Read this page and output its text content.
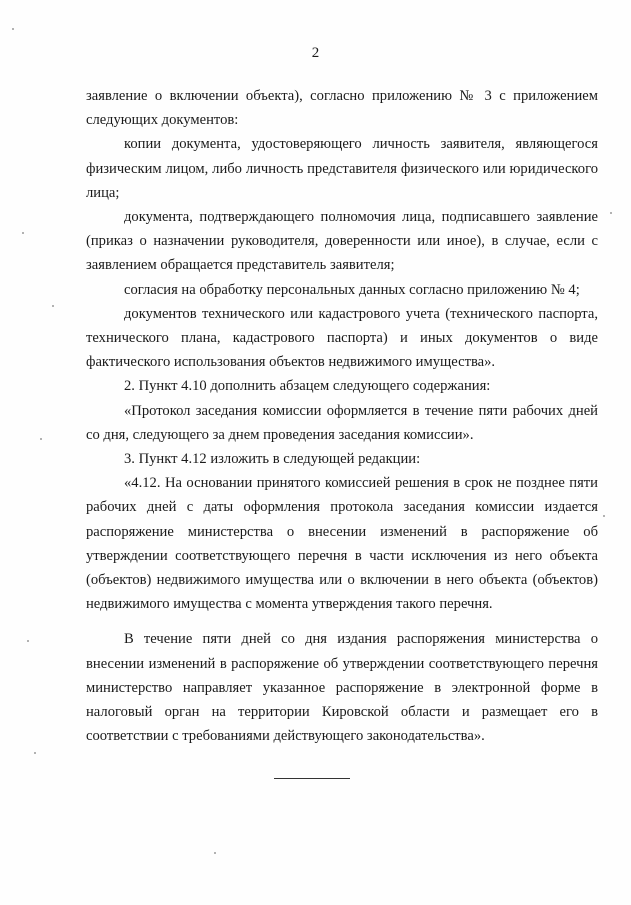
2

заявление о включении объекта), согласно приложению № 3 с приложением следующих документов:

копии документа, удостоверяющего личность заявителя, являющегося физическим лицом, либо личность представителя физического или юридического лица;

документа, подтверждающего полномочия лица, подписавшего заявление (приказ о назначении руководителя, доверенности или иное), в случае, если с заявлением обращается представитель заявителя;

согласия на обработку персональных данных согласно приложению № 4;

документов технического или кадастрового учета (технического паспорта, технического плана, кадастрового паспорта) и иных документов о виде фактического использования объектов недвижимого имущества».

2. Пункт 4.10 дополнить абзацем следующего содержания:

«Протокол заседания комиссии оформляется в течение пяти рабочих дней со дня, следующего за днем проведения заседания комиссии».

3. Пункт 4.12 изложить в следующей редакции:

«4.12. На основании принятого комиссией решения в срок не позднее пяти рабочих дней с даты оформления протокола заседания комиссии издается распоряжение министерства о внесении изменений в распоряжение об утверждении соответствующего перечня в части исключения из него объекта (объектов) недвижимого имущества или о включении в него объекта (объектов) недвижимого имущества с момента утверждения такого перечня.

В течение пяти дней со дня издания распоряжения министерства о внесении изменений в распоряжение об утверждении соответствующего перечня министерство направляет указанное распоряжение в электронной форме в налоговый орган на территории Кировской области и размещает его в соответствии с требованиями действующего законодательства».
